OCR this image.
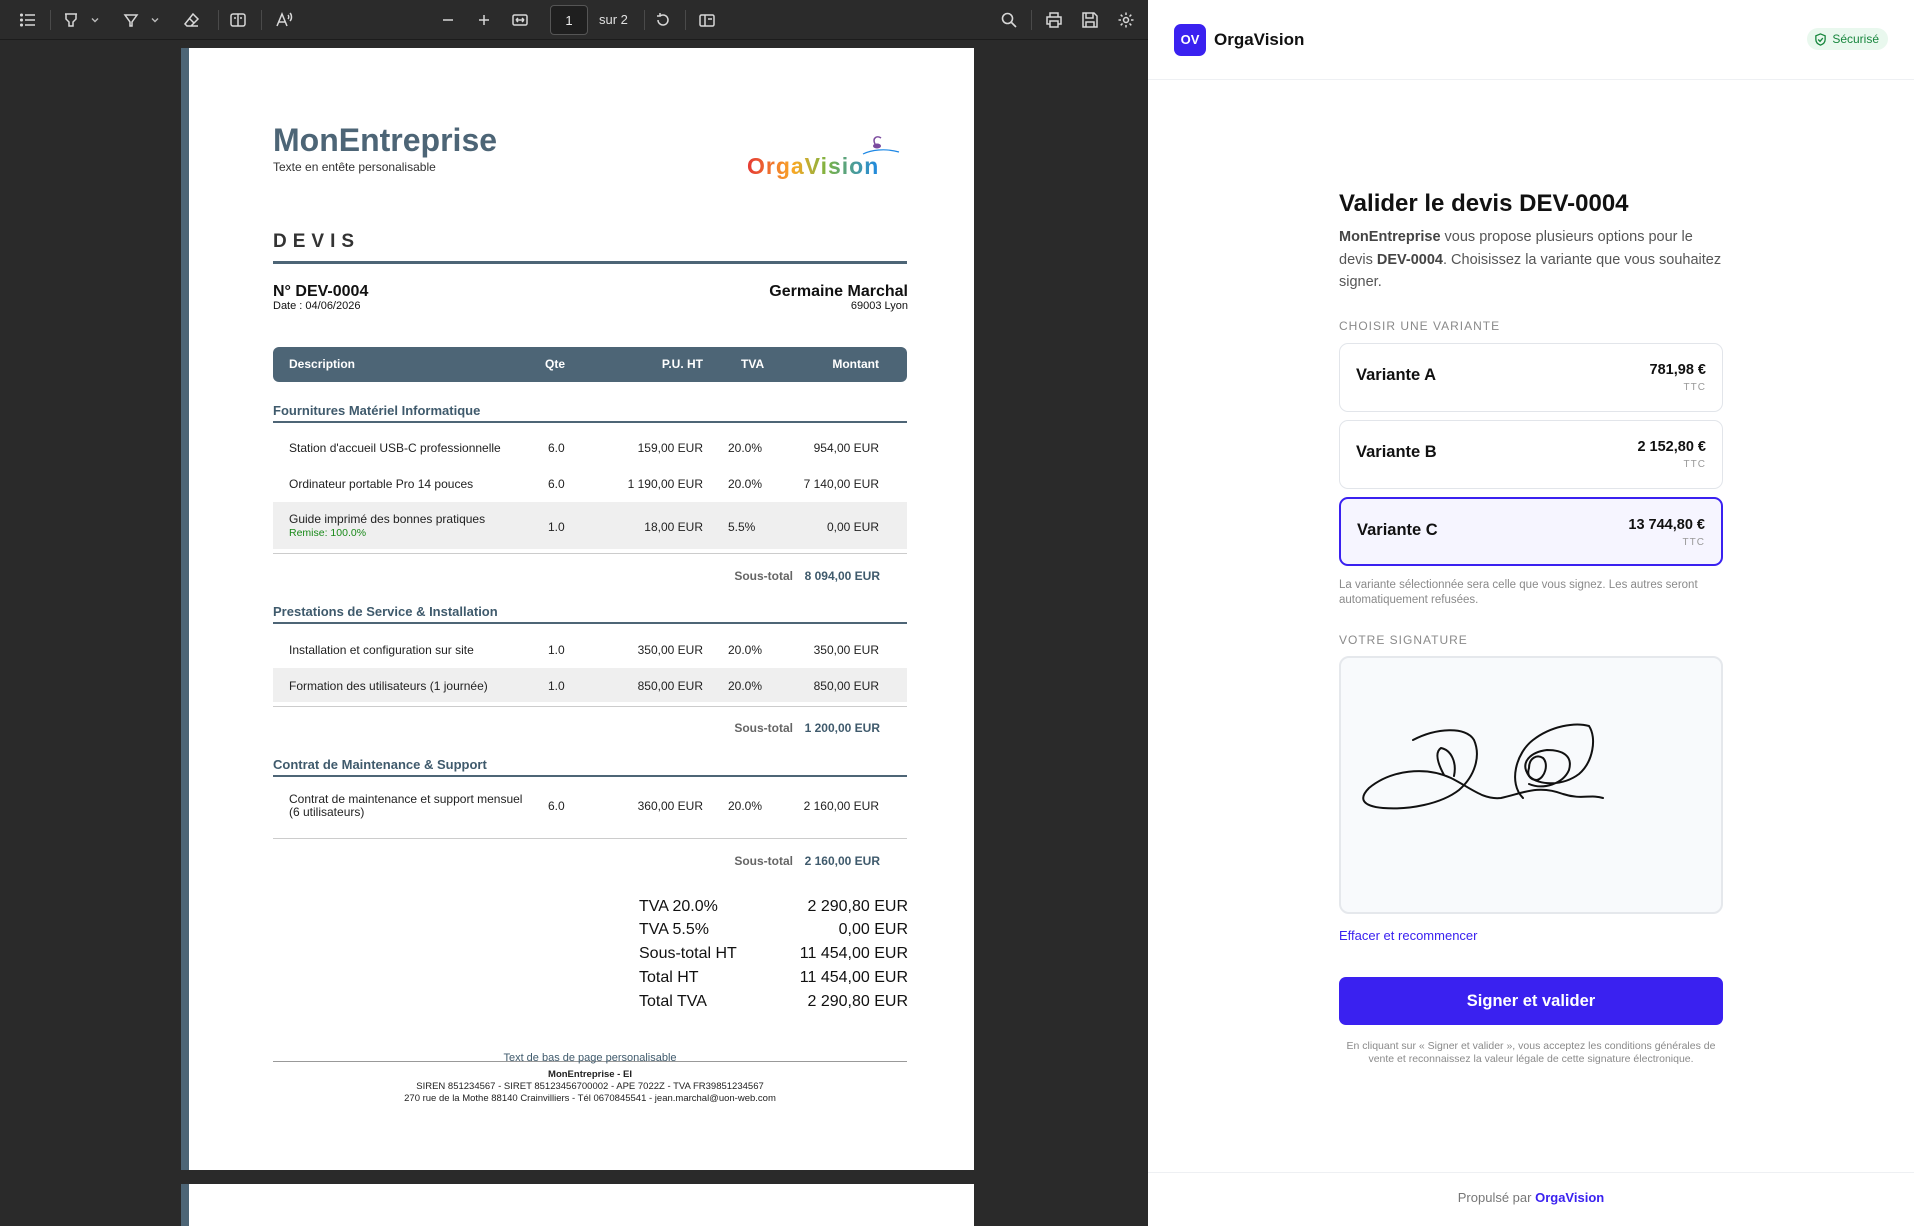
1
sur 2
MonEntreprise
Texte en entête personalisable	OrgaVision
DEVIS
N° DEV-0004
Date : 04/06/2026
Germaine Marchal
69003 Lyon
Description	Qte	P.U. HT	TVA	Montant
Fournitures Matériel Informatique
Station d'accueil USB-C professionnelle	6.0	159,00 EUR 20.0%	954,00 EUR
Ordinateur portable Pro 14 pouces	6.0	1 190,00 EUR 20.0%	7 140,00 EUR
Guide imprimé des bonnes pratiques
Remise: 100.0%	1.0	18,00 EUR 5.5%	0,00 EUR
Sous-total 8 094,00 EUR
Prestations de Service & Installation
Installation et configuration sur site	1.0	350,00 EUR 20.0%	350,00 EUR
Formation des utilisateurs (1 journée)	1.0	850,00 EUR 20.0%	850,00 EUR
Sous-total 1 200,00 EUR
Contrat de Maintenance & Support
Contrat de maintenance et support mensuel
(6 utilisateurs)	6.0	360,00 EUR 20.0%	2 160,00 EUR
Sous-total 2 160,00 EUR
TVA 20.0%	2 290,80 EUR
TVA 5.5%	0,00 EUR
Sous-total HT	11 454,00 EUR
Total HT	11 454,00 EUR
Total TVA	2 290,80 EUR
Text de bas de page personalisable
MonEntreprise - EI
SIREN 851234567 - SIRET 85123456700002 - APE 7022Z - TVA FR39851234567
270 rue de la Mothe 88140 Crainvilliers - Tél 0670845541 - jean.marchal@uon-web.com
OV OrgaVision	Sécurisé
Valider le devis DEV-0004
MonEntreprise vous propose plusieurs options pour le devis DEV-0004. Choisissez la variante que vous souhaitez signer.
CHOISIR UNE VARIANTE
Variante A	781,98 €
TTC
Variante B	2 152,80 €
TTC
Variante C	13 744,80 €
TTC
La variante sélectionnée sera celle que vous signez. Les autres seront automatiquement refusées.
VOTRE SIGNATURE
Effacer et recommencer
Signer et valider
En cliquant sur « Signer et valider », vous acceptez les conditions générales de vente et reconnaissez la valeur légale de cette signature électronique.
Propulsé par OrgaVision
